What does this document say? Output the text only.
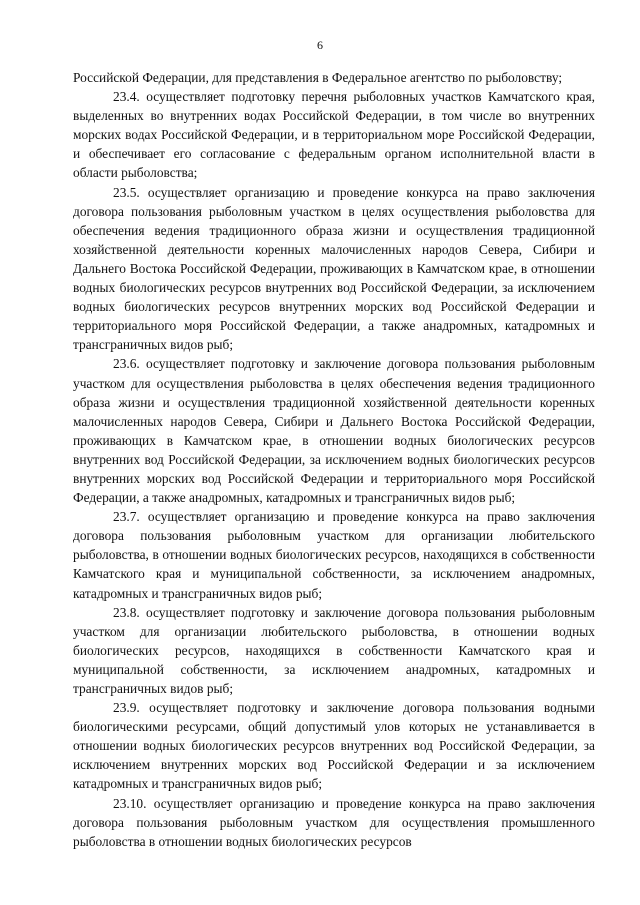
6

Российской Федерации, для представления в Федеральное агентство по рыболовству;

23.4. осуществляет подготовку перечня рыболовных участков Камчатского края, выделенных во внутренних водах Российской Федерации, в том числе во внутренних морских водах Российской Федерации, и в территориальном море Российской Федерации, и обеспечивает его согласование с федеральным органом исполнительной власти в области рыболовства;

23.5. осуществляет организацию и проведение конкурса на право заключения договора пользования рыболовным участком в целях осуществления рыболовства для обеспечения ведения традиционного образа жизни и осуществления традиционной хозяйственной деятельности коренных малочисленных народов Севера, Сибири и Дальнего Востока Российской Федерации, проживающих в Камчатском крае, в отношении водных биологических ресурсов внутренних вод Российской Федерации, за исключением водных биологических ресурсов внутренних морских вод Российской Федерации и территориального моря Российской Федерации, а также анадромных, катадромных и трансграничных видов рыб;

23.6. осуществляет подготовку и заключение договора пользования рыболовным участком для осуществления рыболовства в целях обеспечения ведения традиционного образа жизни и осуществления традиционной хозяйственной деятельности коренных малочисленных народов Севера, Сибири и Дальнего Востока Российской Федерации, проживающих в Камчатском крае, в отношении водных биологических ресурсов внутренних вод Российской Федерации, за исключением водных биологических ресурсов внутренних морских вод Российской Федерации и территориального моря Российской Федерации, а также анадромных, катадромных и трансграничных видов рыб;

23.7. осуществляет организацию и проведение конкурса на право заключения договора пользования рыболовным участком для организации любительского рыболовства, в отношении водных биологических ресурсов, находящихся в собственности Камчатского края и муниципальной собственности, за исключением анадромных, катадромных и трансграничных видов рыб;

23.8. осуществляет подготовку и заключение договора пользования рыболовным участком для организации любительского рыболовства, в отношении водных биологических ресурсов, находящихся в собственности Камчатского края и муниципальной собственности, за исключением анадромных, катадромных и трансграничных видов рыб;

23.9. осуществляет подготовку и заключение договора пользования водными биологическими ресурсами, общий допустимый улов которых не устанавливается в отношении водных биологических ресурсов внутренних вод Российской Федерации, за исключением внутренних морских вод Российской Федерации и за исключением катадромных и трансграничных видов рыб;

23.10. осуществляет организацию и проведение конкурса на право заключения договора пользования рыболовным участком для осуществления промышленного рыболовства в отношении водных биологических ресурсов
